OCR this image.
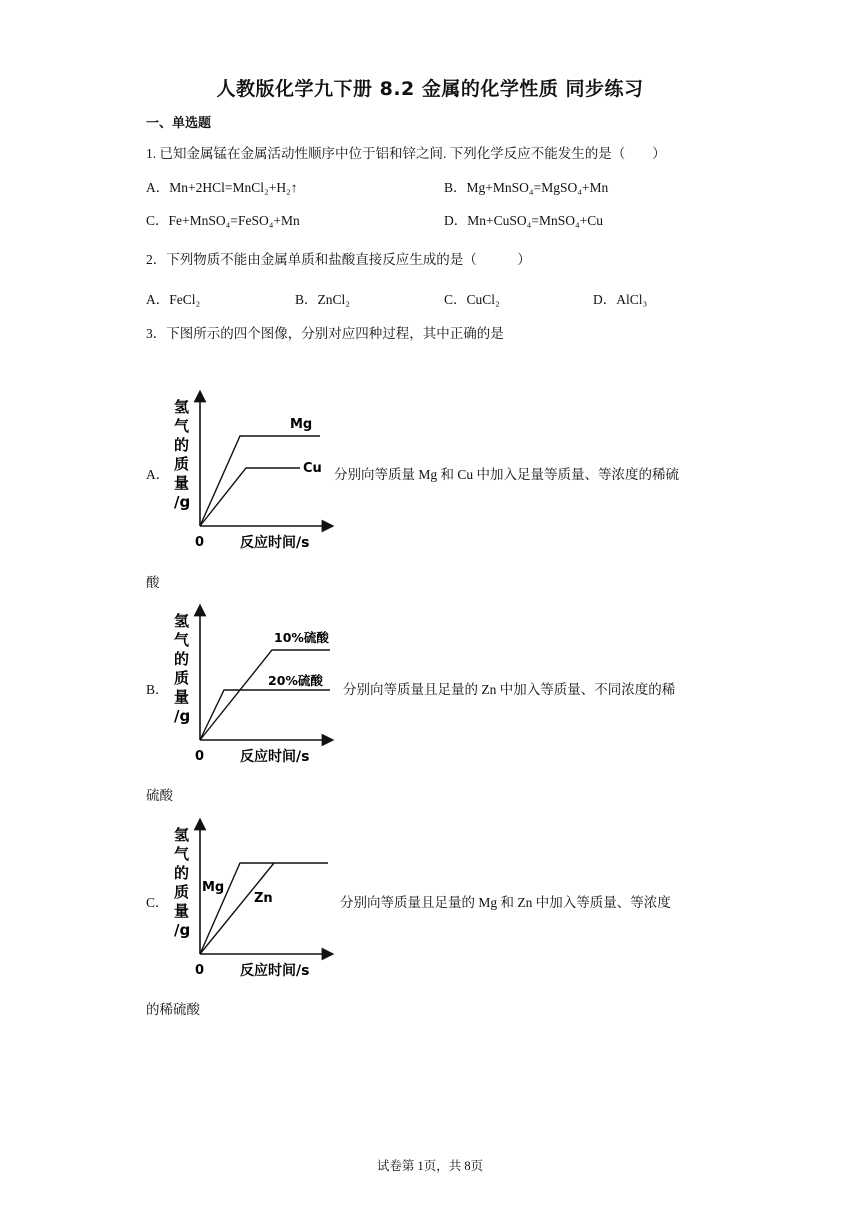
人教版化学九下册 8.2 金属的化学性质 同步练习
一、单选题
1. 已知金属锰在金属活动性顺序中位于铝和锌之间. 下列化学反应不能发生的是（　　）
A．Mn+2HCl=MnCl₂+H₂↑	B．Mg+MnSO₄=MgSO₄+Mn
C．Fe+MnSO₄=FeSO₄+Mn	D．Mn+CuSO₄=MnSO₄+Cu
2．下列物质不能由金属单质和盐酸直接反应生成的是（　　　）
A．FeCl₂	B．ZnCl₂	C．CuCl₂	D．AlCl₃
3．下图所示的四个图像，分别对应四种过程，其中正确的是
A．
氢
气
的
质
量
/g
0	反应时间/s
Mg
Cu 分别向等质量 Mg 和 Cu 中加入足量等质量、等浓度的稀硫
酸
B．
氢
气
的
质
量
/g
0	反应时间/s
10%硫酸
20%硫酸
分别向等质量且足量的 Zn 中加入等质量、不同浓度的稀
硫酸
C．
氢
气
的
质
量
/g
0	反应时间/s
Mg
Zn	分别向等质量且足量的 Mg 和 Zn 中加入等质量、等浓度
的稀硫酸
试卷第 1页，共 8页
